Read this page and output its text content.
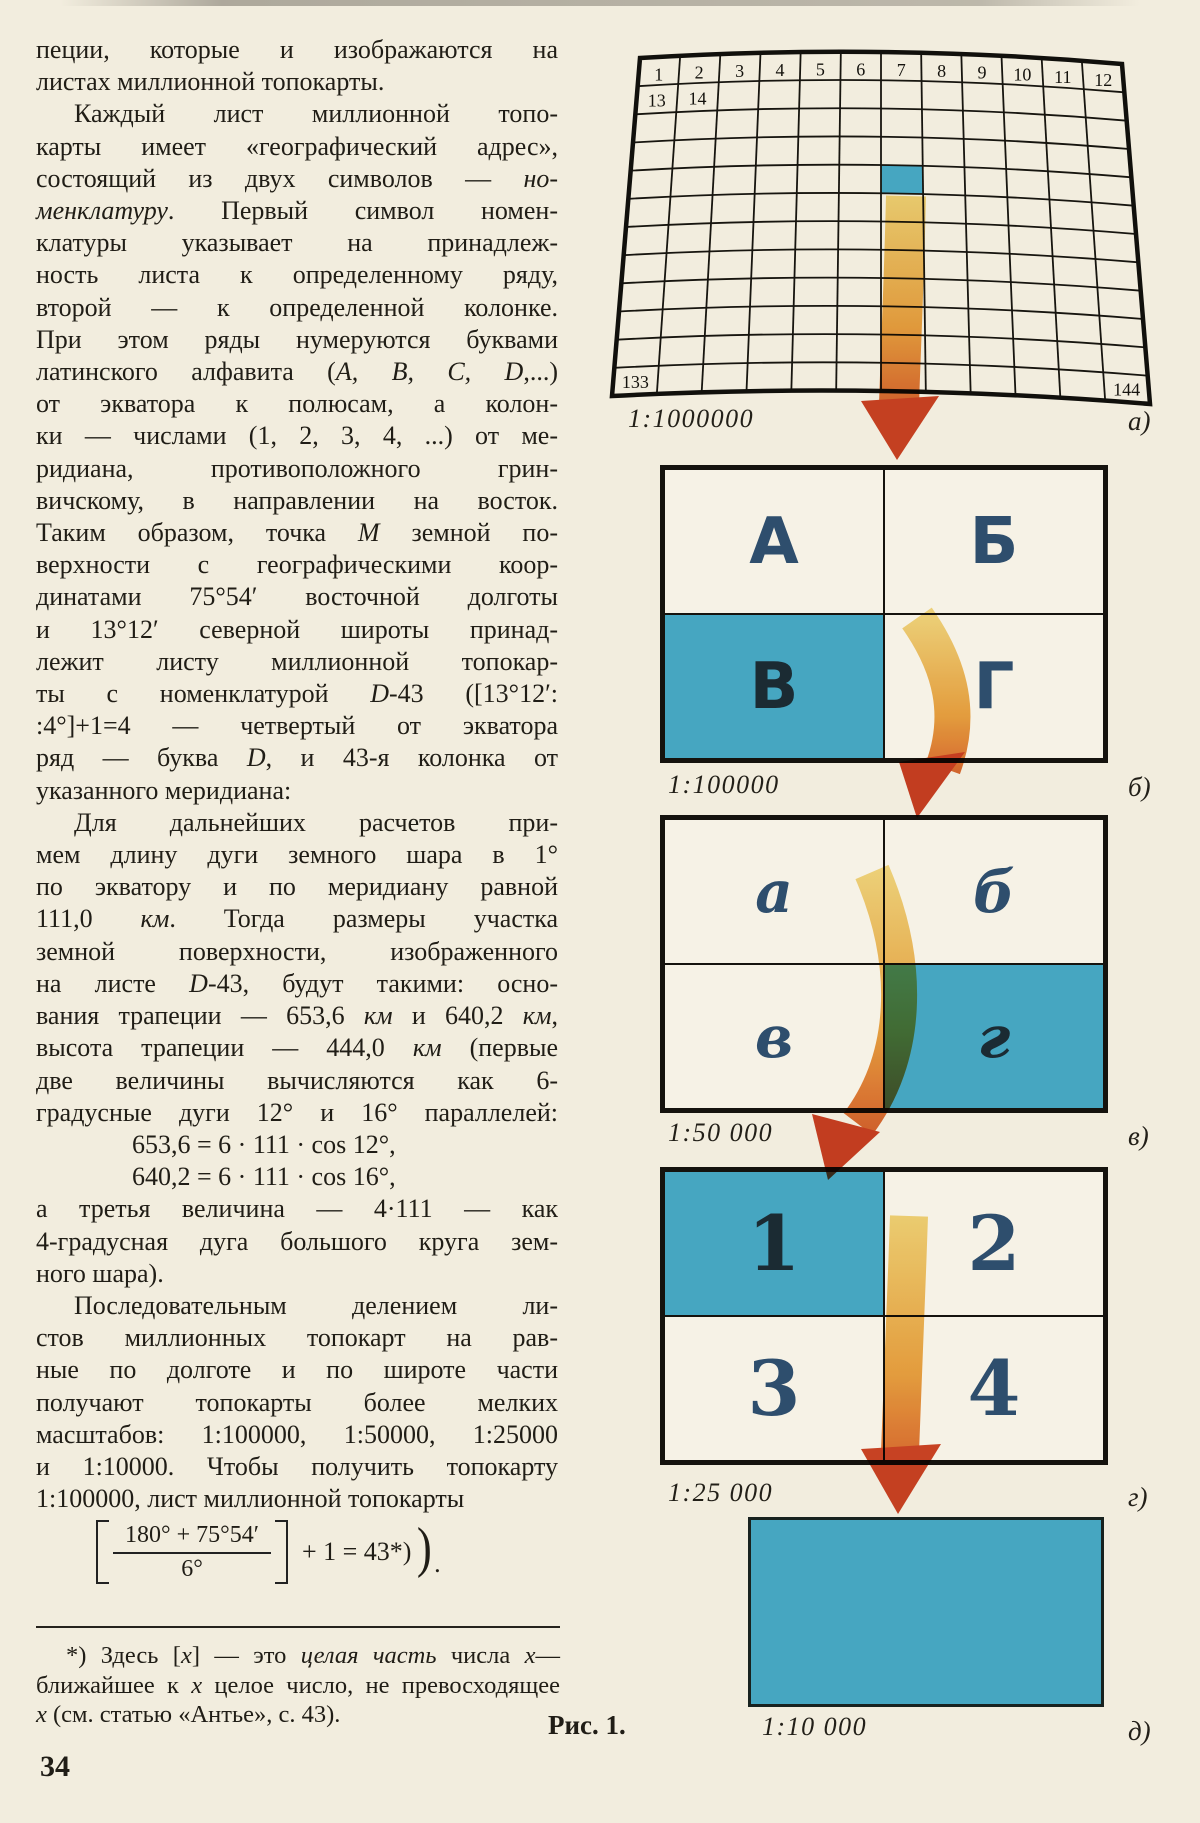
пеции, которые и изображаются на
листах миллионной топокарты.
Каждый лист миллионной топо-
карты имеет «географический адрес»,
состоящий из двух символов — но-
менклатуру. Первый символ номен-
клатуры указывает на принадлеж-
ность листа к определенному ряду,
второй — к определенной колонке.
При этом ряды нумеруются буквами
латинского алфавита (A, B, C, D,...)
от экватора к полюсам, а колон-
ки — числами (1, 2, 3, 4, ...) от ме-
ридиана, противоположного грин-
вичскому, в направлении на восток.
Таким образом, точка M земной по-
верхности с географическими коор-
динатами 75°54′ восточной долготы
и 13°12′ северной широты принад-
лежит листу миллионной топокар-
ты с номенклатурой D-43 ([13°12′:
:4°]+1=4 — четвертый от экватора
ряд — буква D, и 43-я колонка от
указанного меридиана:
Для дальнейших расчетов при-
мем длину дуги земного шара в 1°
по экватору и по меридиану равной
111,0 км. Тогда размеры участка
земной поверхности, изображенного
на листе D-43, будут такими: осно-
вания трапеции — 653,6 км и 640,2 км,
высота трапеции — 444,0 км (первые
две величины вычисляются как 6-
градусные дуги 12° и 16° параллелей:
653,6 = 6 · 111 · cos 12°,
640,2 = 6 · 111 · cos 16°,
а третья величина — 4·111 — как
4-градусная дуга большого круга зем-
ного шара).
Последовательным делением ли-
стов миллионных топокарт на рав-
ные по долготе и по широте части
получают топокарты более мелких
масштабов: 1:100000, 1:50000, 1:25000
и 1:10000. Чтобы получить топокарту
1:100000, лист миллионной топокарты
$\frac{180^\circ + 75^\circ 54'}{6^\circ} + 1 = 43*$) ) .
*) Здесь [x] — это целая часть числа x—
ближайшее к x целое число, не превосходящее
x (см. статью «Антье», с. 43).
34
1 2 3 4 5 6 7 8 9 10 11 12
13 14
133	144
А	Б
В	Г
а	б
в	г
1	2
3	4
1:1000000	а)
1:100000	б)
1:50 000	в)
1:25 000	г)
1:10 000	д)
Рис. 1.
